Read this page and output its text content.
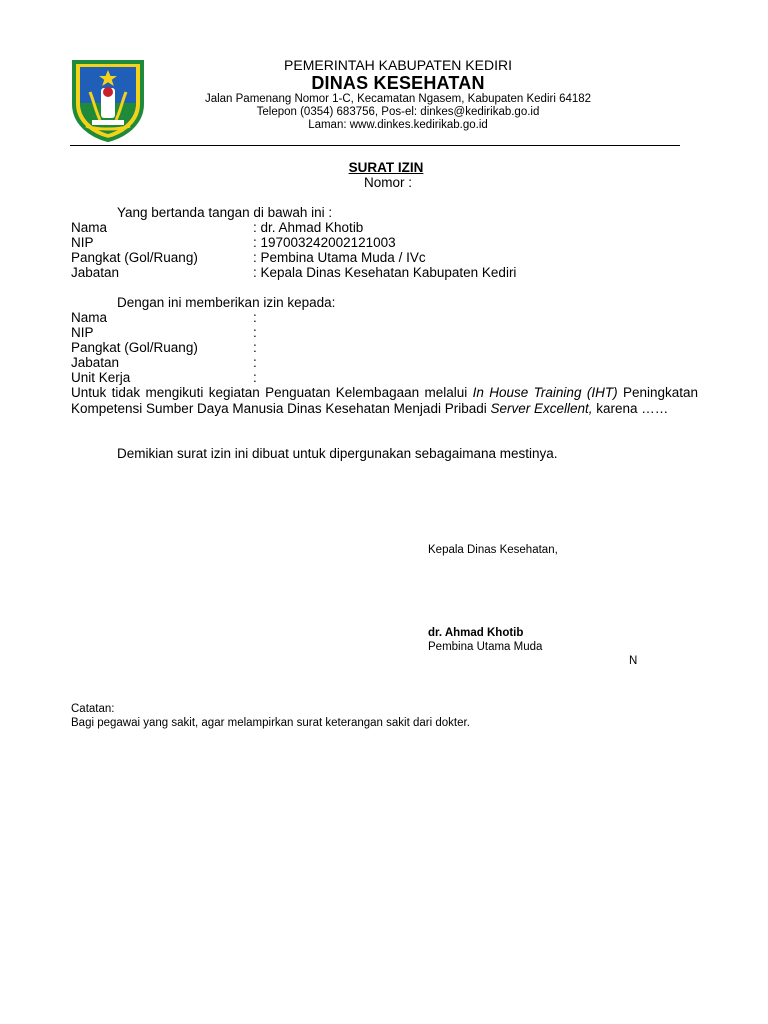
PEMERINTAH KABUPATEN KEDIRI
DINAS KESEHATAN
Jalan Pamenang Nomor 1-C, Kecamatan Ngasem, Kabupaten Kediri 64182
Telepon (0354) 683756, Pos-el: dinkes@kedirikab.go.id
Laman: www.dinkes.kedirikab.go.id
SURAT IZIN
Nomor :
Yang bertanda tangan di bawah ini :
Nama	: dr. Ahmad Khotib
NIP	: 197003242002121003
Pangkat (Gol/Ruang)	: Pembina Utama Muda / IVc
Jabatan	: Kepala Dinas Kesehatan Kabupaten Kediri
Dengan ini memberikan izin kepada:
Nama	:
NIP	:
Pangkat (Gol/Ruang)	:
Jabatan	:
Unit Kerja	:
Untuk tidak mengikuti kegiatan Penguatan Kelembagaan melalui In House Training (IHT) Peningkatan Kompetensi Sumber Daya Manusia Dinas Kesehatan Menjadi Pribadi Server Excellent, karena ……
Demikian surat izin ini dibuat untuk dipergunakan sebagaimana mestinya.
Kepala Dinas Kesehatan,
dr. Ahmad Khotib
Pembina Utama Muda
N
Catatan:
Bagi pegawai yang sakit, agar melampirkan surat keterangan sakit dari dokter.
